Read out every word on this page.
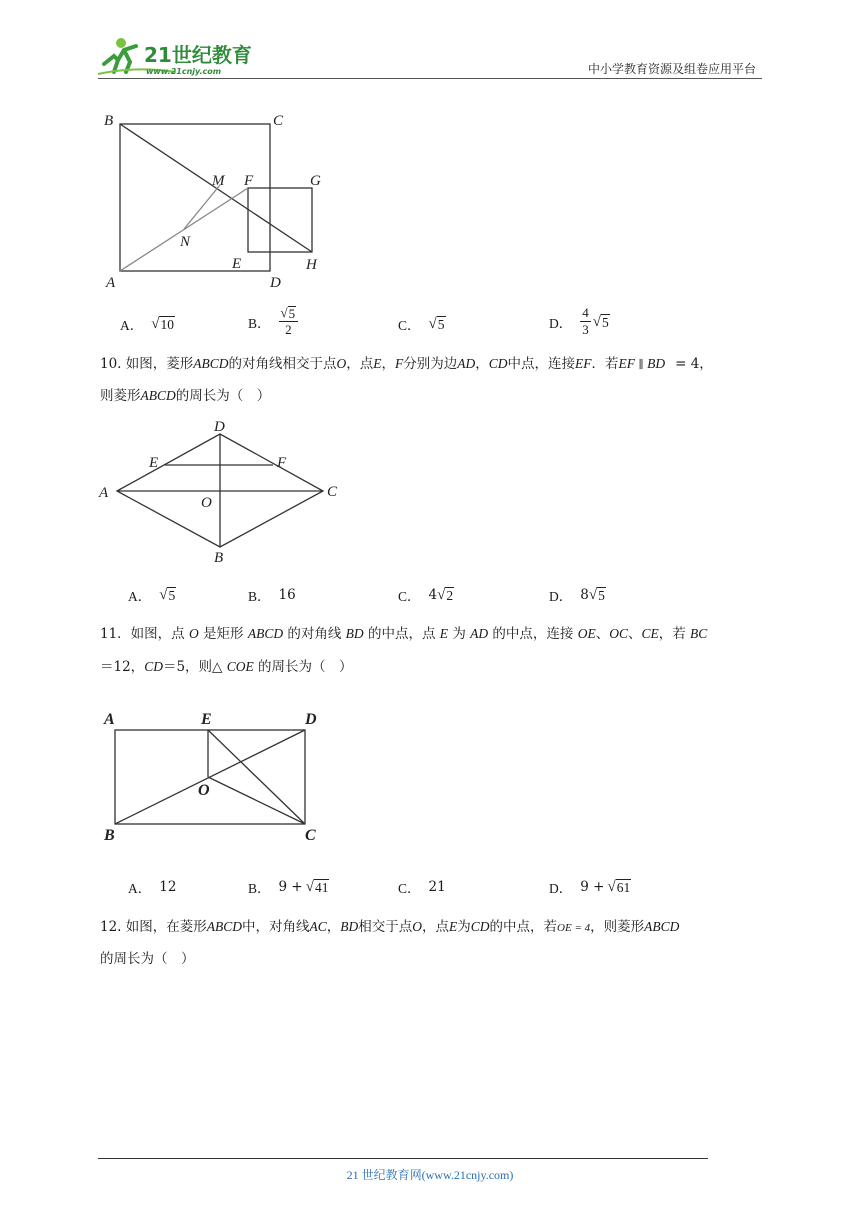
21世纪教育
www.21cnjy.com	中小学教育资源及组卷应用平台
B	C
M F	G
N
E
A	D
H
A． √ 10	B． $\frac{√ 5}{2}$	C． √ 5	D． $\frac{4}{3}$ √ 5
10. 如图，菱形ABCD的对角线相交于点O，点E，F分别为边AD，CD中点，连接EF．若EF ∥ BD = 4，
则菱形ABCD的周长为（　）
D
E	F
A
O
C
B
A． √ 5	B． 16	C． 4 √ 2	D． 8 √ 5
11．如图，点 O 是矩形 ABCD 的对角线 BD 的中点，点 E 为 AD 的中点，连接 OE、OC、CE，若 BC
＝12，CD＝5，则△ COE 的周长为（　）
A	E	D
O
B	C
A． 12	B． 9 + √ 41	C． 21	D． 9 + √ 61
12. 如图，在菱形ABCD中，对角线AC，BD相交于点O，点E为CD的中点，若OE = 4，则菱形ABCD
的周长为（　）
21 世纪教育网(www.21cnjy.com)
